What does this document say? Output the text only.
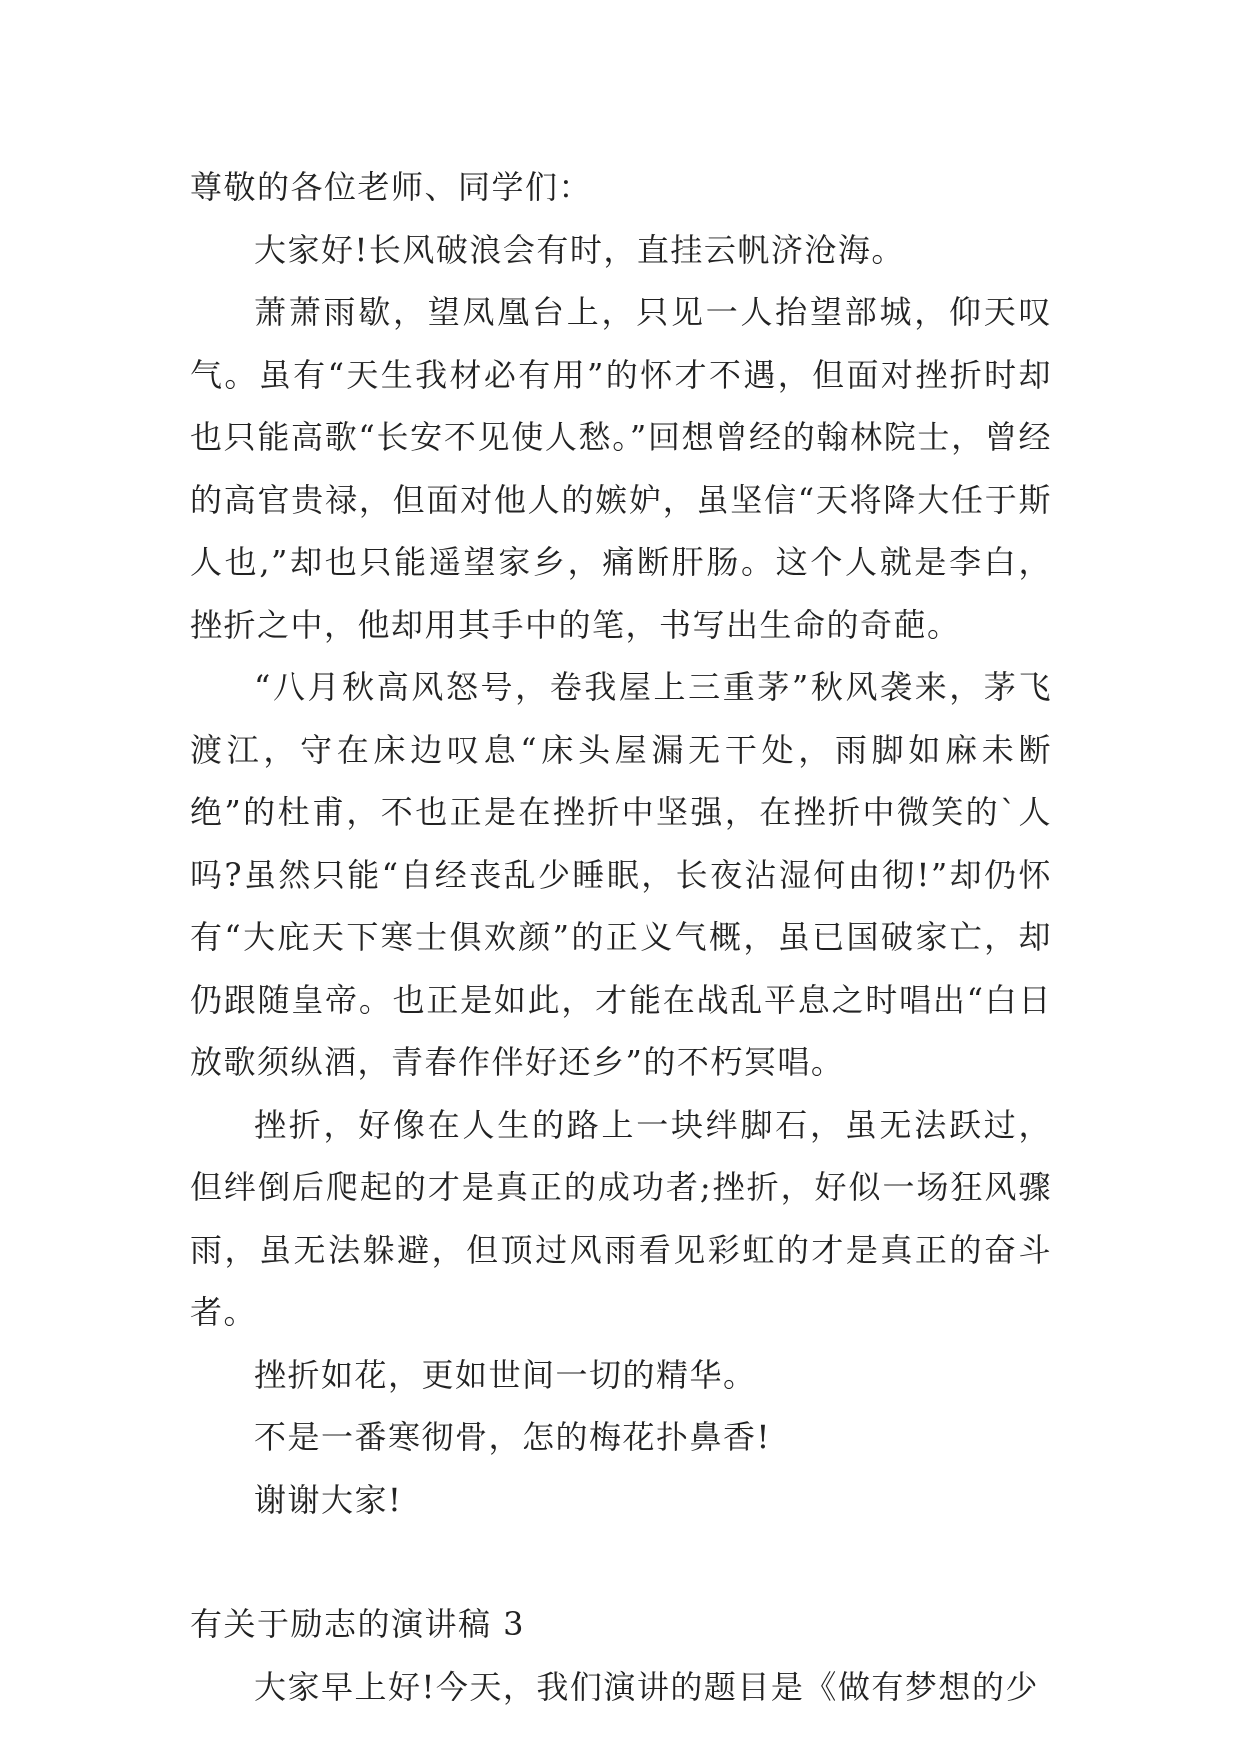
尊敬的各位老师、同学们：

大家好!长风破浪会有时，直挂云帆济沧海。

萧萧雨歇，望凤凰台上，只见一人抬望部城，仰天叹气。虽有“天生我材必有用”的怀才不遇，但面对挫折时却也只能高歌“长安不见使人愁。”回想曾经的翰林院士，曾经的高官贵禄，但面对他人的嫉妒，虽坚信“天将降大任于斯人也,”却也只能遥望家乡，痛断肝肠。这个人就是李白，挫折之中，他却用其手中的笔，书写出生命的奇葩。

“八月秋高风怒号，卷我屋上三重茅”秋风袭来，茅飞渡江，守在床边叹息“床头屋漏无干处，雨脚如麻未断绝”的杜甫，不也正是在挫折中坚强，在挫折中微笑的`人吗?虽然只能“自经丧乱少睡眠，长夜沾湿何由彻!”却仍怀有“大庇天下寒士俱欢颜”的正义气概，虽已国破家亡，却仍跟随皇帝。也正是如此，才能在战乱平息之时唱出“白日放歌须纵酒，青春作伴好还乡”的不朽冥唱。

挫折，好像在人生的路上一块绊脚石，虽无法跃过，但绊倒后爬起的才是真正的成功者;挫折，好似一场狂风骤雨，虽无法躲避，但顶过风雨看见彩虹的才是真正的奋斗者。

挫折如花，更如世间一切的精华。

不是一番寒彻骨，怎的梅花扑鼻香!

谢谢大家!

有关于励志的演讲稿 3

大家早上好!今天，我们演讲的题目是《做有梦想的少
